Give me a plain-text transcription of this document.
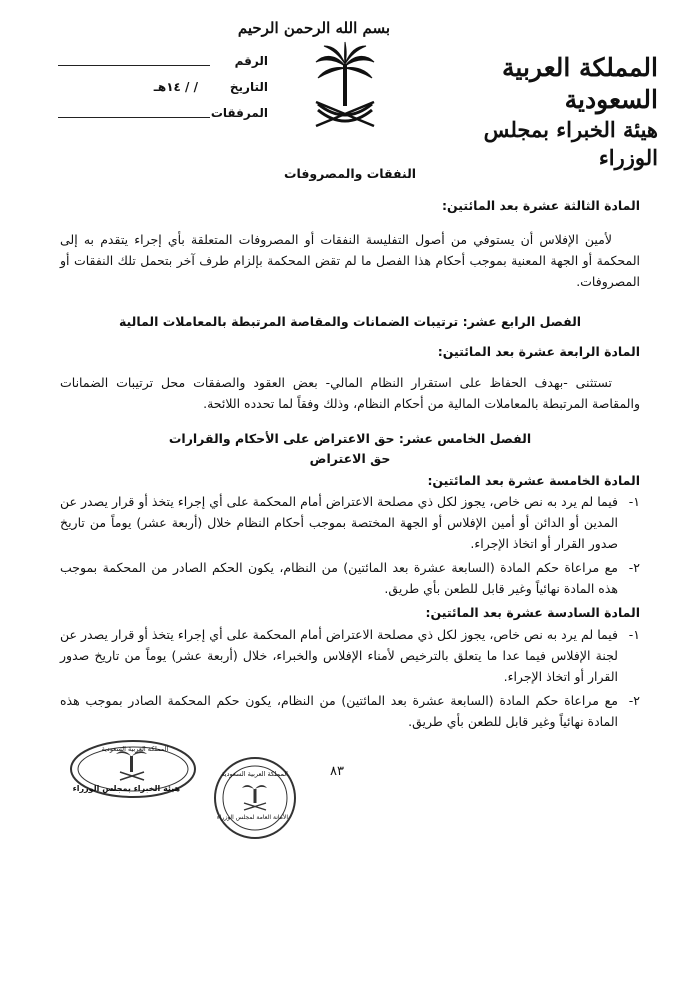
المملكة العربية السعودية
هيئة الخبراء بمجلس الوزراء
بسم الله الرحمن الرحيم
الرقم
التاريخ
/ / ١٤هـ
المرفقات
النفقات والمصروفات
المادة الثالثة عشرة بعد المائتين:
لأمين الإفلاس أن يستوفي من أصول التفليسة النفقات أو المصروفات المتعلقة بأي إجراء يتقدم به إلى المحكمة أو الجهة المعنية بموجب أحكام هذا الفصل ما لم تقض المحكمة بإلزام طرف آخر بتحمل تلك النفقات أو المصروفات.
الفصل الرابع عشر: ترتيبات الضمانات والمقاصة المرتبطة بالمعاملات المالية
المادة الرابعة عشرة بعد المائتين:
تستثنى -بهدف الحفاظ على استقرار النظام المالي- بعض العقود والصفقات محل ترتيبات الضمانات والمقاصة المرتبطة بالمعاملات المالية من أحكام النظام، وذلك وفقاً لما تحدده اللائحة.
الفصل الخامس عشر: حق الاعتراض على الأحكام والقرارات
حق الاعتراض
المادة الخامسة عشرة بعد المائتين:
١-
فيما لم يرد به نص خاص، يجوز لكل ذي مصلحة الاعتراض أمام المحكمة على أي إجراء يتخذ أو قرار يصدر عن المدين أو الدائن أو أمين الإفلاس أو الجهة المختصة بموجب أحكام النظام خلال (أربعة عشر) يوماً من تاريخ صدور القرار أو اتخاذ الإجراء.
٢-
مع مراعاة حكم المادة (السابعة عشرة بعد المائتين) من النظام، يكون الحكم الصادر من المحكمة بموجب هذه المادة نهائياً وغير قابل للطعن بأي طريق.
المادة السادسة عشرة بعد المائتين:
١-
فيما لم يرد به نص خاص، يجوز لكل ذي مصلحة الاعتراض أمام المحكمة على أي إجراء يتخذ أو قرار يصدر عن لجنة الإفلاس فيما عدا ما يتعلق بالترخيص لأمناء الإفلاس والخبراء، خلال (أربعة عشر) يوماً من تاريخ صدور القرار أو اتخاذ الإجراء.
٢-
مع مراعاة حكم المادة (السابعة عشرة بعد المائتين) من النظام، يكون حكم المحكمة الصادر بموجب هذه المادة نهائياً وغير قابل للطعن بأي طريق.
٨٣
هيئة الخبراء بمجلس الوزراء
المملكة العربية السعودية
المملكة العربية السعودية
الأمانة العامة لمجلس الوزراء
